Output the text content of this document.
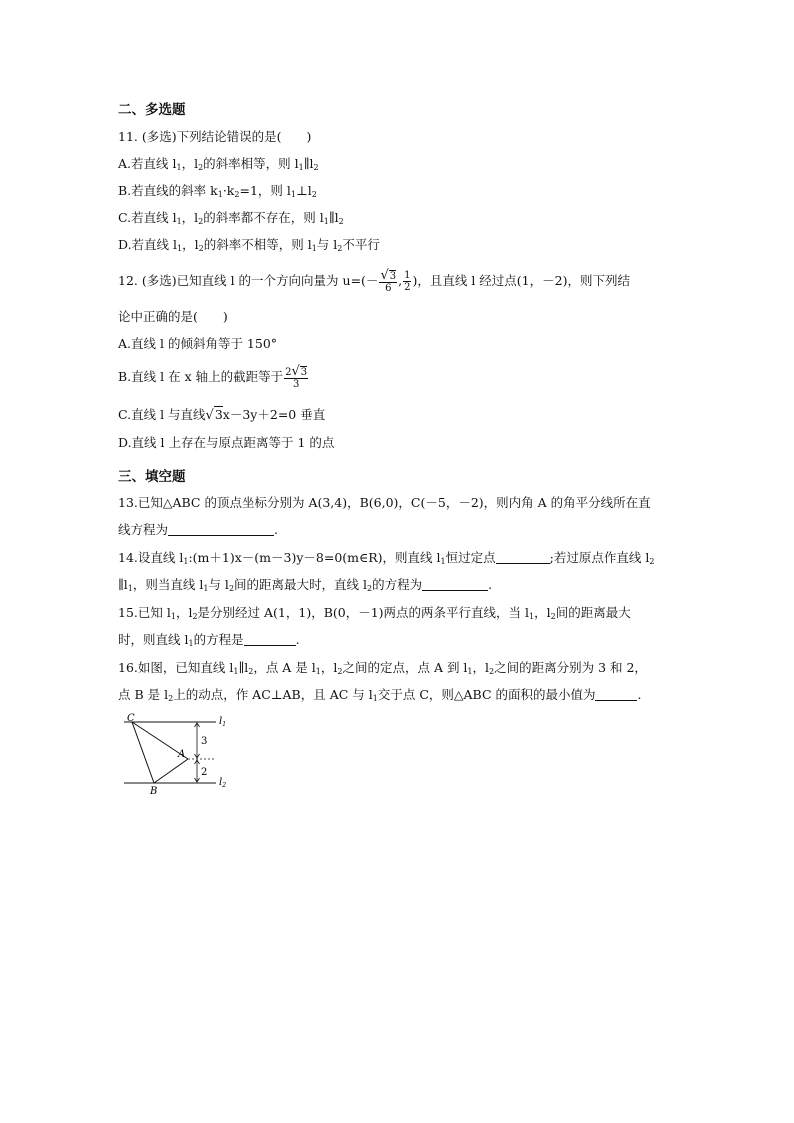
二、多选题
11. (多选)下列结论错误的是(　　)
A.若直线 $l_1$，$l_2$的斜率相等，则 $l_1\parallel l_2$
B.若直线的斜率 $k_1\cdot k_2=1$，则 $l_1\perp l_2$
C.若直线 $l_1$，$l_2$的斜率都不存在，则 $l_1\parallel l_2$
D.若直线 $l_1$，$l_2$的斜率不相等，则 $l_1$与 $l_2$不平行
12. (多选)已知直线 l 的一个方向向量为 $u=(- \frac{√3}{6}$ , $\frac{1}{2}$ )，且直线 l 经过点(1，－2)，则下列结
论中正确的是(　　)
A.直线 l 的倾斜角等于 150°
B.直线 l 在 x 轴上的截距等于 $\frac{2√3}{3}$
C.直线 l 与直线√3x－3y＋2=0 垂直
D.直线 l 上存在与原点距离等于 1 的点
三、填空题
13.已知△ABC 的顶点坐标分别为 A(3,4)，B(6,0)，C(－5，－2)，则内角 A 的角平分线所在直
线方程为	.
14.设直线 $l_1:(m+1)x-(m-3)y-8=0(m\in R)$，则直线 $l_1$恒过定点	;若过原点作直线 $l_2$
$\parallel l_1$，则当直线 $l_1$与 $l_2$间的距离最大时，直线 $l_2$的方程为	.
15.已知 $l_1$，$l_2$是分别经过 A(1，1)，B(0，－1)两点的两条平行直线，当 $l_1$，$l_2$间的距离最大
时，则直线 $l_1$的方程是	.
16.如图，已知直线 $l_1\parallel l_2$，点 A 是 $l_1$，$l_2$之间的定点，点 A 到 $l_1$，$l_2$之间的距离分别为 3 和 2，
点 B 是 $l_2$上的动点，作 AC⊥AB，且 AC 与 $l_1$交于点 C，则△ABC 的面积的最小值为	.
C
A
B
3
2
$l_1$
$l_2$
